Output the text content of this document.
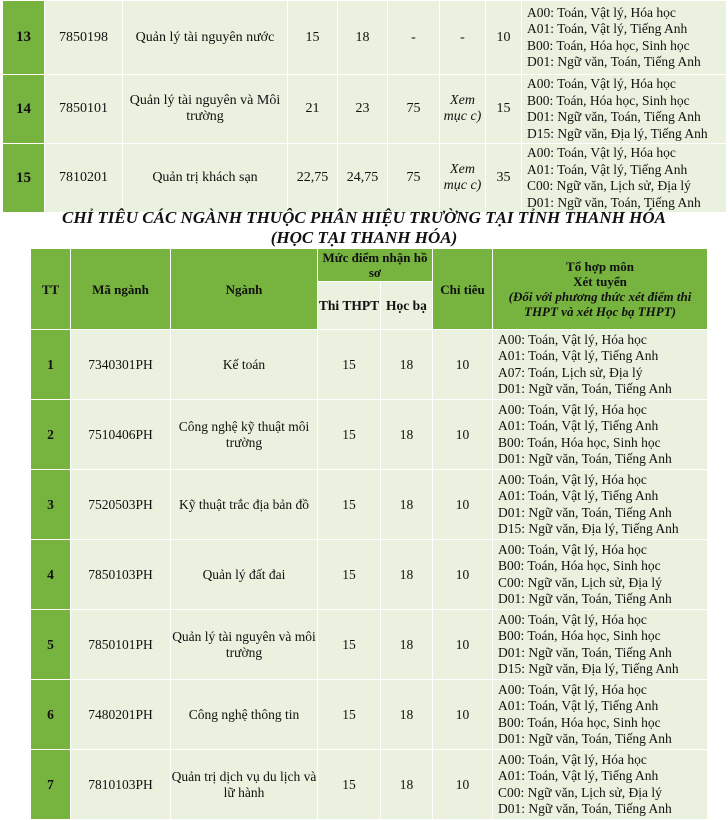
13	7850198	Quản lý tài nguyên nước	15	18	-	-	10	A00: Toán, Vật lý, Hóa học
A01: Toán, Vật lý, Tiếng Anh
B00: Toán, Hóa học, Sinh học
D01: Ngữ văn, Toán, Tiếng Anh

14	7850101	Quản lý tài nguyên và Môi trường	21	23	75	Xem mục c)	15	A00: Toán, Vật lý, Hóa học
B00: Toán, Hóa học, Sinh học
D01: Ngữ văn, Toán, Tiếng Anh
D15: Ngữ văn, Địa lý, Tiếng Anh

15	7810201	Quản trị khách sạn	22,75	24,75	75	Xem mục c)	35	A00: Toán, Vật lý, Hóa học
A01: Toán, Vật lý, Tiếng Anh
C00: Ngữ văn, Lịch sử, Địa lý
D01: Ngữ văn, Toán, Tiếng Anh
CHỈ TIÊU CÁC NGÀNH THUỘC PHÂN HIỆU TRƯỜNG TẠI TỈNH THANH HÓA
(HỌC TẠI THANH HÓA)
TT	Mã ngành	Ngành	Mức điểm nhận hồ sơ		Chỉ tiêu	Tổ hợp môn
Xét tuyển
(Đối với phương thức xét điểm thi THPT và xét Học bạ THPT)

			Thi THPT	Học bạ		
1	7340301PH	Kế toán	15	18	10	A00: Toán, Vật lý, Hóa học
A01: Toán, Vật lý, Tiếng Anh
A07: Toán, Lịch sử, Địa lý
D01: Ngữ văn, Toán, Tiếng Anh

2	7510406PH	Công nghệ kỹ thuật môi trường	15	18	10	A00: Toán, Vật lý, Hóa học
A01: Toán, Vật lý, Tiếng Anh
B00: Toán, Hóa học, Sinh học
D01: Ngữ văn, Toán, Tiếng Anh

3	7520503PH	Kỹ thuật trắc địa bản đồ	15	18	10	A00: Toán, Vật lý, Hóa học
A01: Toán, Vật lý, Tiếng Anh
D01: Ngữ văn, Toán, Tiếng Anh
D15: Ngữ văn, Địa lý, Tiếng Anh

4	7850103PH	Quản lý đất đai	15	18	10	A00: Toán, Vật lý, Hóa học
B00: Toán, Hóa học, Sinh học
C00: Ngữ văn, Lịch sử, Địa lý
D01: Ngữ văn, Toán, Tiếng Anh

5	7850101PH	Quản lý tài nguyên và môi trường	15	18	10	A00: Toán, Vật lý, Hóa học
B00: Toán, Hóa học, Sinh học
D01: Ngữ văn, Toán, Tiếng Anh
D15: Ngữ văn, Địa lý, Tiếng Anh

6	7480201PH	Công nghệ thông tin	15	18	10	A00: Toán, Vật lý, Hóa học
A01: Toán, Vật lý, Tiếng Anh
B00: Toán, Hóa học, Sinh học
D01: Ngữ văn, Toán, Tiếng Anh

7	7810103PH	Quản trị dịch vụ du lịch và lữ hành	15	18	10	A00: Toán, Vật lý, Hóa học
A01: Toán, Vật lý, Tiếng Anh
C00: Ngữ văn, Lịch sử, Địa lý
D01: Ngữ văn, Toán, Tiếng Anh
